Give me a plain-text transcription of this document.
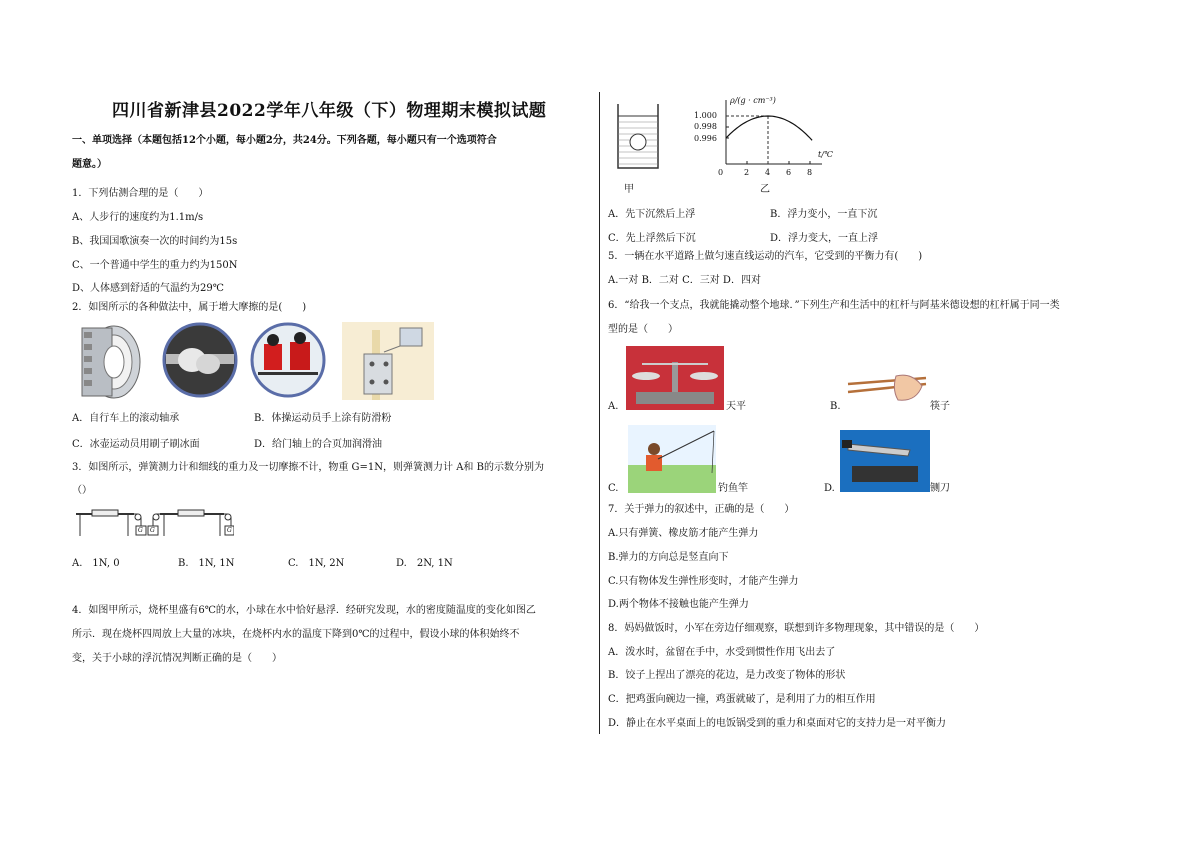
四川省新津县2022学年八年级（下）物理期末模拟试题
一、单项选择（本题包括12个小题，每小题2分，共24分。下列各题，每小题只有一个选项符合
题意。）
1．下列估测合理的是（　　）
A、人步行的速度约为1.1m/s
B、我国国歌演奏一次的时间约为15s
C、一个普通中学生的重力约为150N
D、人体感到舒适的气温约为29℃
2．如图所示的各种做法中，属于增大摩擦的是(　　)
A．自行车上的滚动轴承	B．体操运动员手上涂有防滑粉
C．冰壶运动员用刷子刷冰面	D．给门轴上的合页加润滑油
3．如图所示，弹簧测力计和细线的重力及一切摩擦不计，物重 G=1N，则弹簧测力计 A和 B的示数分别为
（）
G G	G
A.　1N, 0	B.　1N, 1N	C.　1N, 2N	D.　2N, 1N
4．如图甲所示，烧杯里盛有6℃的水，小球在水中恰好悬浮．经研究发现，水的密度随温度的变化如图乙
所示．现在烧杯四周放上大量的冰块，在烧杯内水的温度下降到0℃的过程中，假设小球的体积始终不
变，关于小球的浮沉情况判断正确的是（　　）
甲
ρ/(g · cm⁻³)
t/℃
1.000
0.998
0.996
0	2 4 6 8
乙
A．先下沉然后上浮	B．浮力变小，一直下沉
C．先上浮然后下沉	D．浮力变大，一直上浮
5．一辆在水平道路上做匀速直线运动的汽车，它受到的平衡力有(　　)
A.一对 B．二对 C．三对 D．四对
6．“给我一个支点，我就能撬动整个地球．”下列生产和生活中的杠杆与阿基米德设想的杠杆属于同一类
型的是（　　）
A.	天平	B.	筷子
C.	钓鱼竿	D.	铡刀
7．关于弹力的叙述中，正确的是（　　）
A.只有弹簧、橡皮筋才能产生弹力
B.弹力的方向总是竖直向下
C.只有物体发生弹性形变时，才能产生弹力
D.两个物体不接触也能产生弹力
8．妈妈做饭时，小军在旁边仔细观察，联想到许多物理现象，其中错误的是（　　）
A．泼水时，盆留在手中，水受到惯性作用飞出去了
B．饺子上捏出了漂亮的花边，是力改变了物体的形状
C．把鸡蛋向碗边一撞，鸡蛋就破了，是利用了力的相互作用
D．静止在水平桌面上的电饭锅受到的重力和桌面对它的支持力是一对平衡力
